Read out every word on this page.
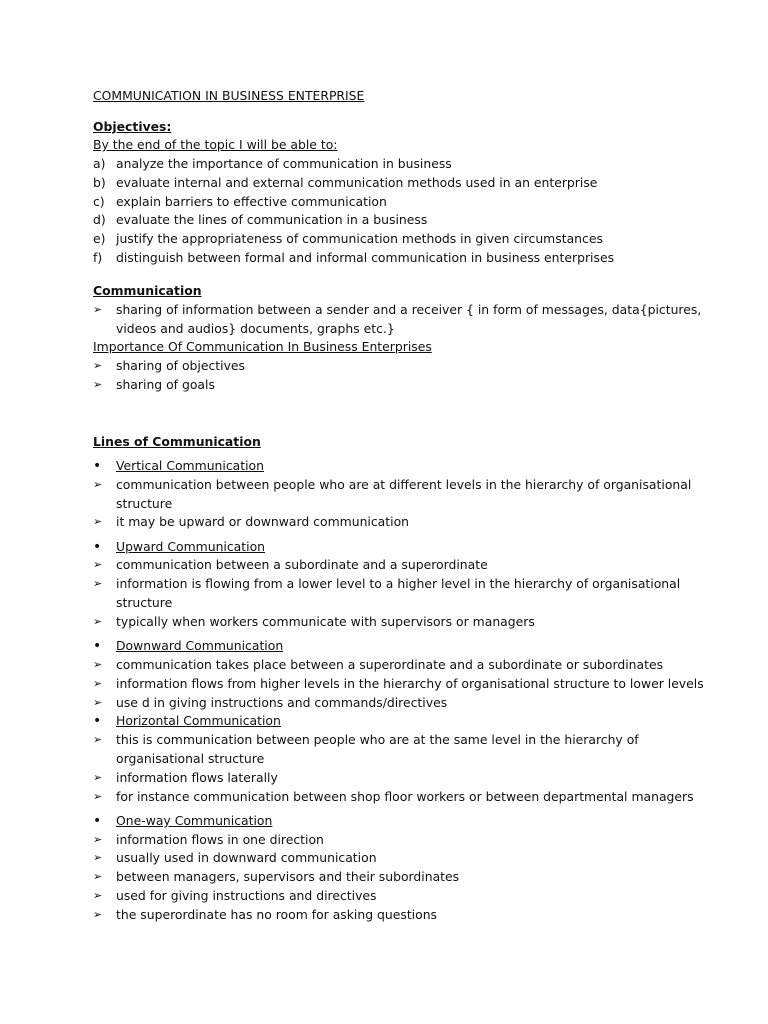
COMMUNICATION IN BUSINESS ENTERPRISE
Objectives:
By the end of the topic I will be able to:
a) analyze the importance of communication in business
b) evaluate internal and external communication methods used in an enterprise
c) explain barriers to effective communication
d) evaluate the lines of communication in a business
e) justify the appropriateness of communication methods in given circumstances
f)	distinguish between formal and informal communication in business enterprises
Communication
➢	sharing of information between a sender and a receiver { in form of messages, data{pictures,
videos and audios} documents, graphs etc.}
Importance Of Communication In Business Enterprises
➢	sharing of objectives
➢	sharing of goals
Lines of Communication
•	Vertical Communication
➢	communication between people who are at different levels in the hierarchy of organisational
structure
➢	it may be upward or downward communication
•	Upward Communication
➢	communication between a subordinate and a superordinate
➢	information is flowing from a lower level to a higher level in the hierarchy of organisational
structure
➢	typically when workers communicate with supervisors or managers
•	Downward Communication
➢	communication takes place between a superordinate and a subordinate or subordinates
➢	information flows from higher levels in the hierarchy of organisational structure to lower levels
➢	use d in giving instructions and commands/directives
•	Horizontal Communication
➢	this is communication between people who are at the same level in the hierarchy of
organisational structure
➢	information flows laterally
➢	for instance communication between shop floor workers or between departmental managers
•	One-way Communication
➢	information flows in one direction
➢	usually used in downward communication
➢	between managers, supervisors and their subordinates
➢	used for giving instructions and directives
➢	the superordinate has no room for asking questions
